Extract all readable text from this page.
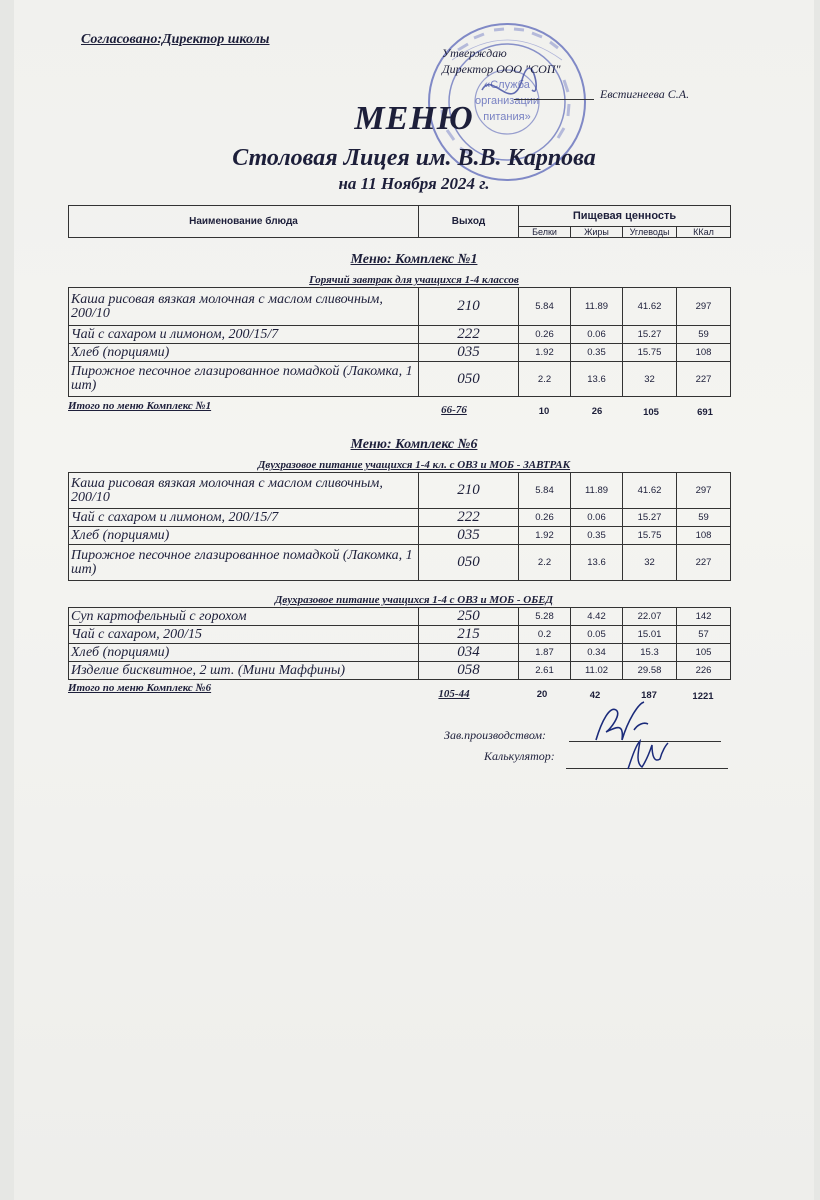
Согласовано:Директор школы
«Служба
организации
питания»
Утверждаю
Директор ООО "СОП"
Евстигнеева С.А.
МЕНЮ
Столовая Лицея им. В.В. Карпова
на 11 Ноября 2024 г.
Наименование блюда	Выход	Пищевая ценность			
		Белки	Жиры	Углеводы	ККал
Меню: Комплекс №1
Горячий завтрак для учащихся 1-4 классов
Каша рисовая вязкая молочная с маслом сливочным, 200/10	210	5.84	11.89	41.62	297
Чай с сахаром и лимоном, 200/15/7	222	0.26	0.06	15.27	59
Хлеб (порциями)	035	1.92	0.35	15.75	108
Пирожное песочное глазированное помадкой (Лакомка, 1 шт)	050	2.2	13.6	32	227
Итого по меню Комплекс №1	66-76	10	26	105	691
Меню: Комплекс №6
Двухразовое питание учащихся 1-4 кл. с ОВЗ и МОБ - ЗАВТРАК
Каша рисовая вязкая молочная с маслом сливочным, 200/10	210	5.84	11.89	41.62	297
Чай с сахаром и лимоном, 200/15/7	222	0.26	0.06	15.27	59
Хлеб (порциями)	035	1.92	0.35	15.75	108
Пирожное песочное глазированное помадкой (Лакомка, 1 шт)	050	2.2	13.6	32	227
Двухразовое питание учащихся 1-4 с ОВЗ и МОБ - ОБЕД
Суп картофельный с горохом	250	5.28	4.42	22.07	142
Чай с сахаром, 200/15	215	0.2	0.05	15.01	57
Хлеб (порциями)	034	1.87	0.34	15.3	105
Изделие бисквитное, 2 шт. (Мини Маффины)	058	2.61	11.02	29.58	226
Итого по меню Комплекс №6	105-44	20	42	187	1221
Зав.производством:
Калькулятор:
